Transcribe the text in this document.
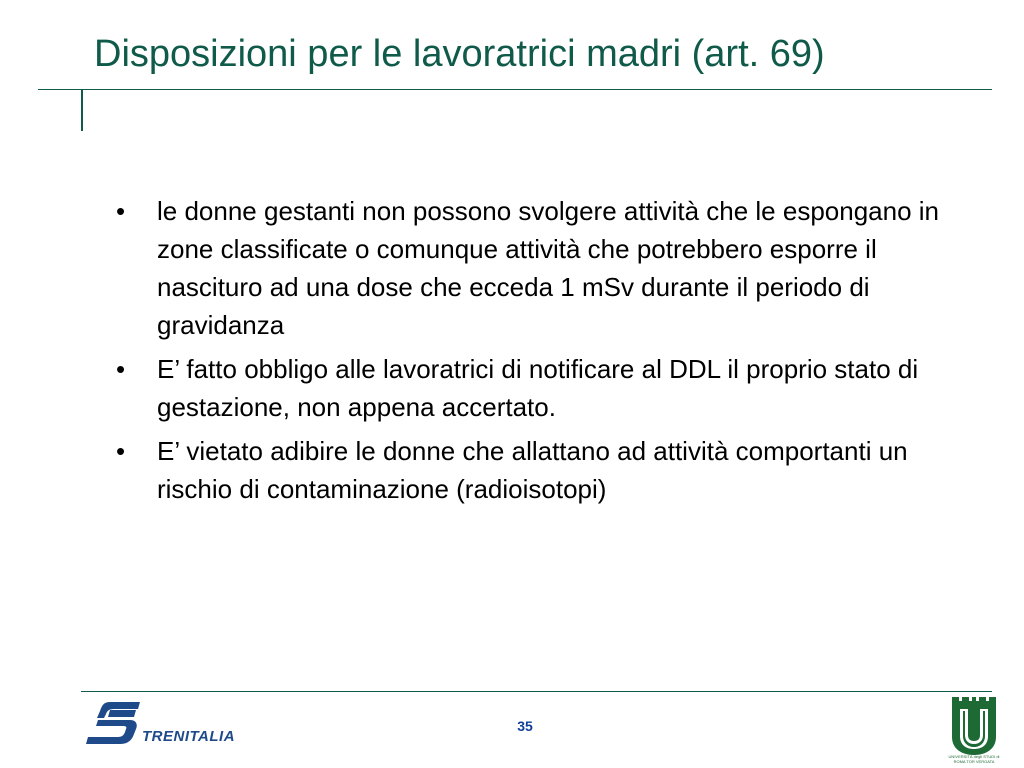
Disposizioni per le lavoratrici madri (art. 69)
• le donne gestanti non possono svolgere attività che le espongano in zone classificate o comunque attività che potrebbero esporre il nascituro ad una dose che ecceda 1 mSv durante il periodo di gravidanza
• E’ fatto obbligo alle lavoratrici di notificare al DDL il proprio stato di gestazione, non appena accertato.
• E’ vietato adibire le donne che allattano ad attività comportanti un rischio di contaminazione (radioisotopi)
TRENITALIA
35
UNIVERSITÀ degli STUDI di ROMA TOR VERGATA
